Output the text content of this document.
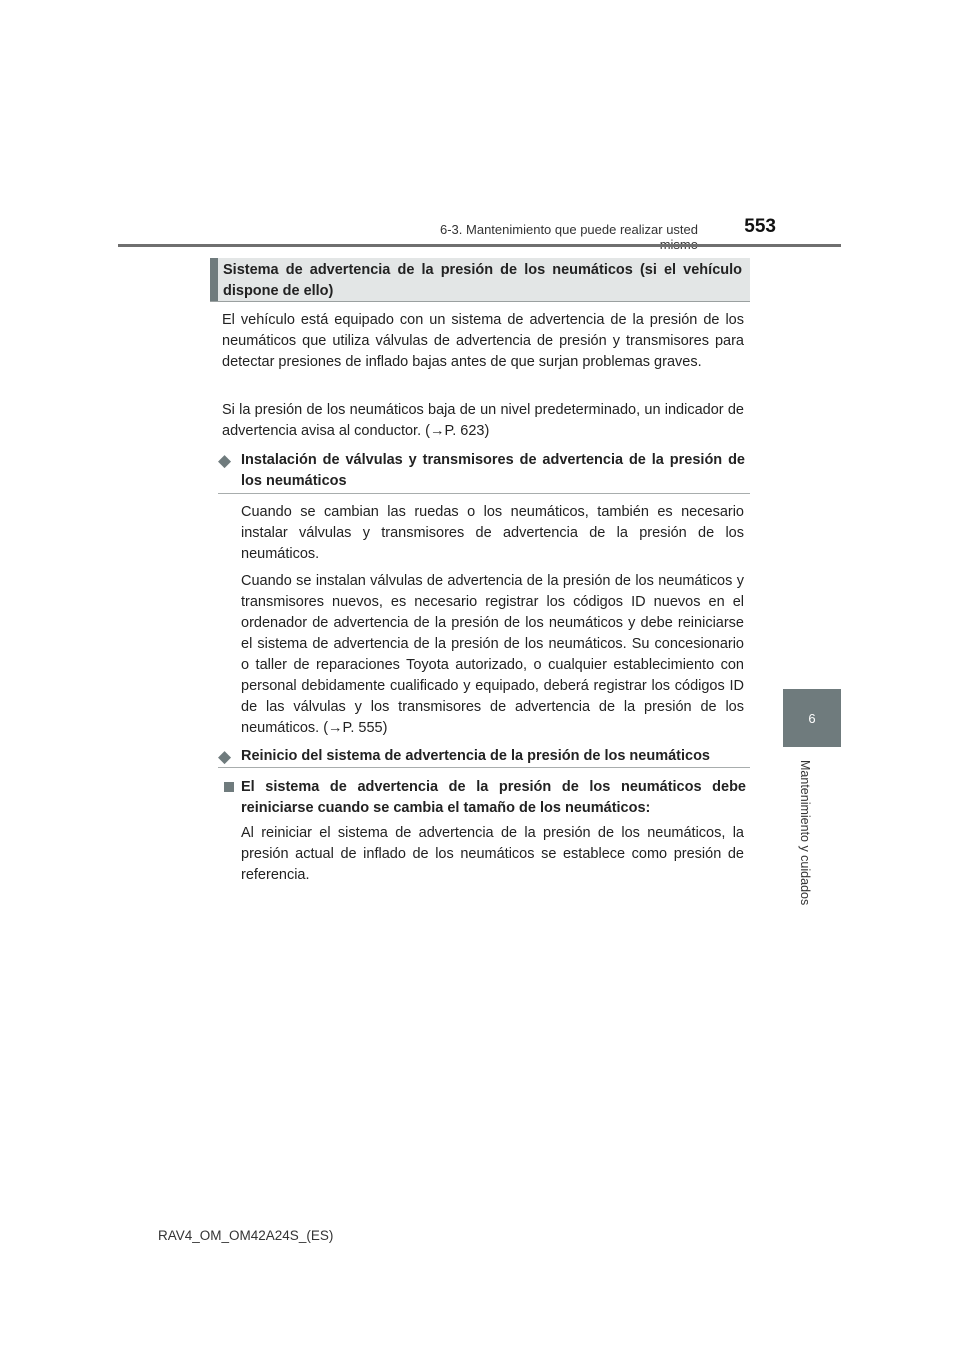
6-3. Mantenimiento que puede realizar usted 553
6
Mantenimiento y cuidados
Sistema de advertencia de la presión de los neumáticos (si el vehículo dispone de ello)

El vehículo está equipado con un sistema de advertencia de la presión de los neumáticos que utiliza válvulas de advertencia de presión y transmisores para detectar presiones de inflado bajas antes de que surjan problemas graves.

Si la presión de los neumáticos baja de un nivel predeterminado, un indicador de advertencia avisa al conductor. (→P. 623)

◆ Instalación de válvulas y transmisores de advertencia de la presión de los neumáticos

Cuando se cambian las ruedas o los neumáticos, también es necesario instalar válvulas y transmisores de advertencia de la presión de los neumáticos.

Cuando se instalan válvulas de advertencia de la presión de los neumáticos y transmisores nuevos, es necesario registrar los códigos ID nuevos en el ordenador de advertencia de la presión de los neumáticos y debe reiniciarse el sistema de advertencia de la presión de los neumáticos. Su concesionario o taller de reparaciones Toyota autorizado, o cualquier establecimiento con personal debidamente cualificado y equipado, deberá registrar los códigos ID de las válvulas y los transmisores de advertencia de la presión de los neumáticos. (→P. 555)

◆ Reinicio del sistema de advertencia de la presión de los neumáticos
El sistema de advertencia de la presión de los neumáticos debe reiniciarse cuando se cambia el tamaño de los neumáticos:

Al reiniciar el sistema de advertencia de la presión de los neumáticos, la presión actual de inflado de los neumáticos se establece como presión de referencia.

RAV4_OM_OM42A24S_(ES)
